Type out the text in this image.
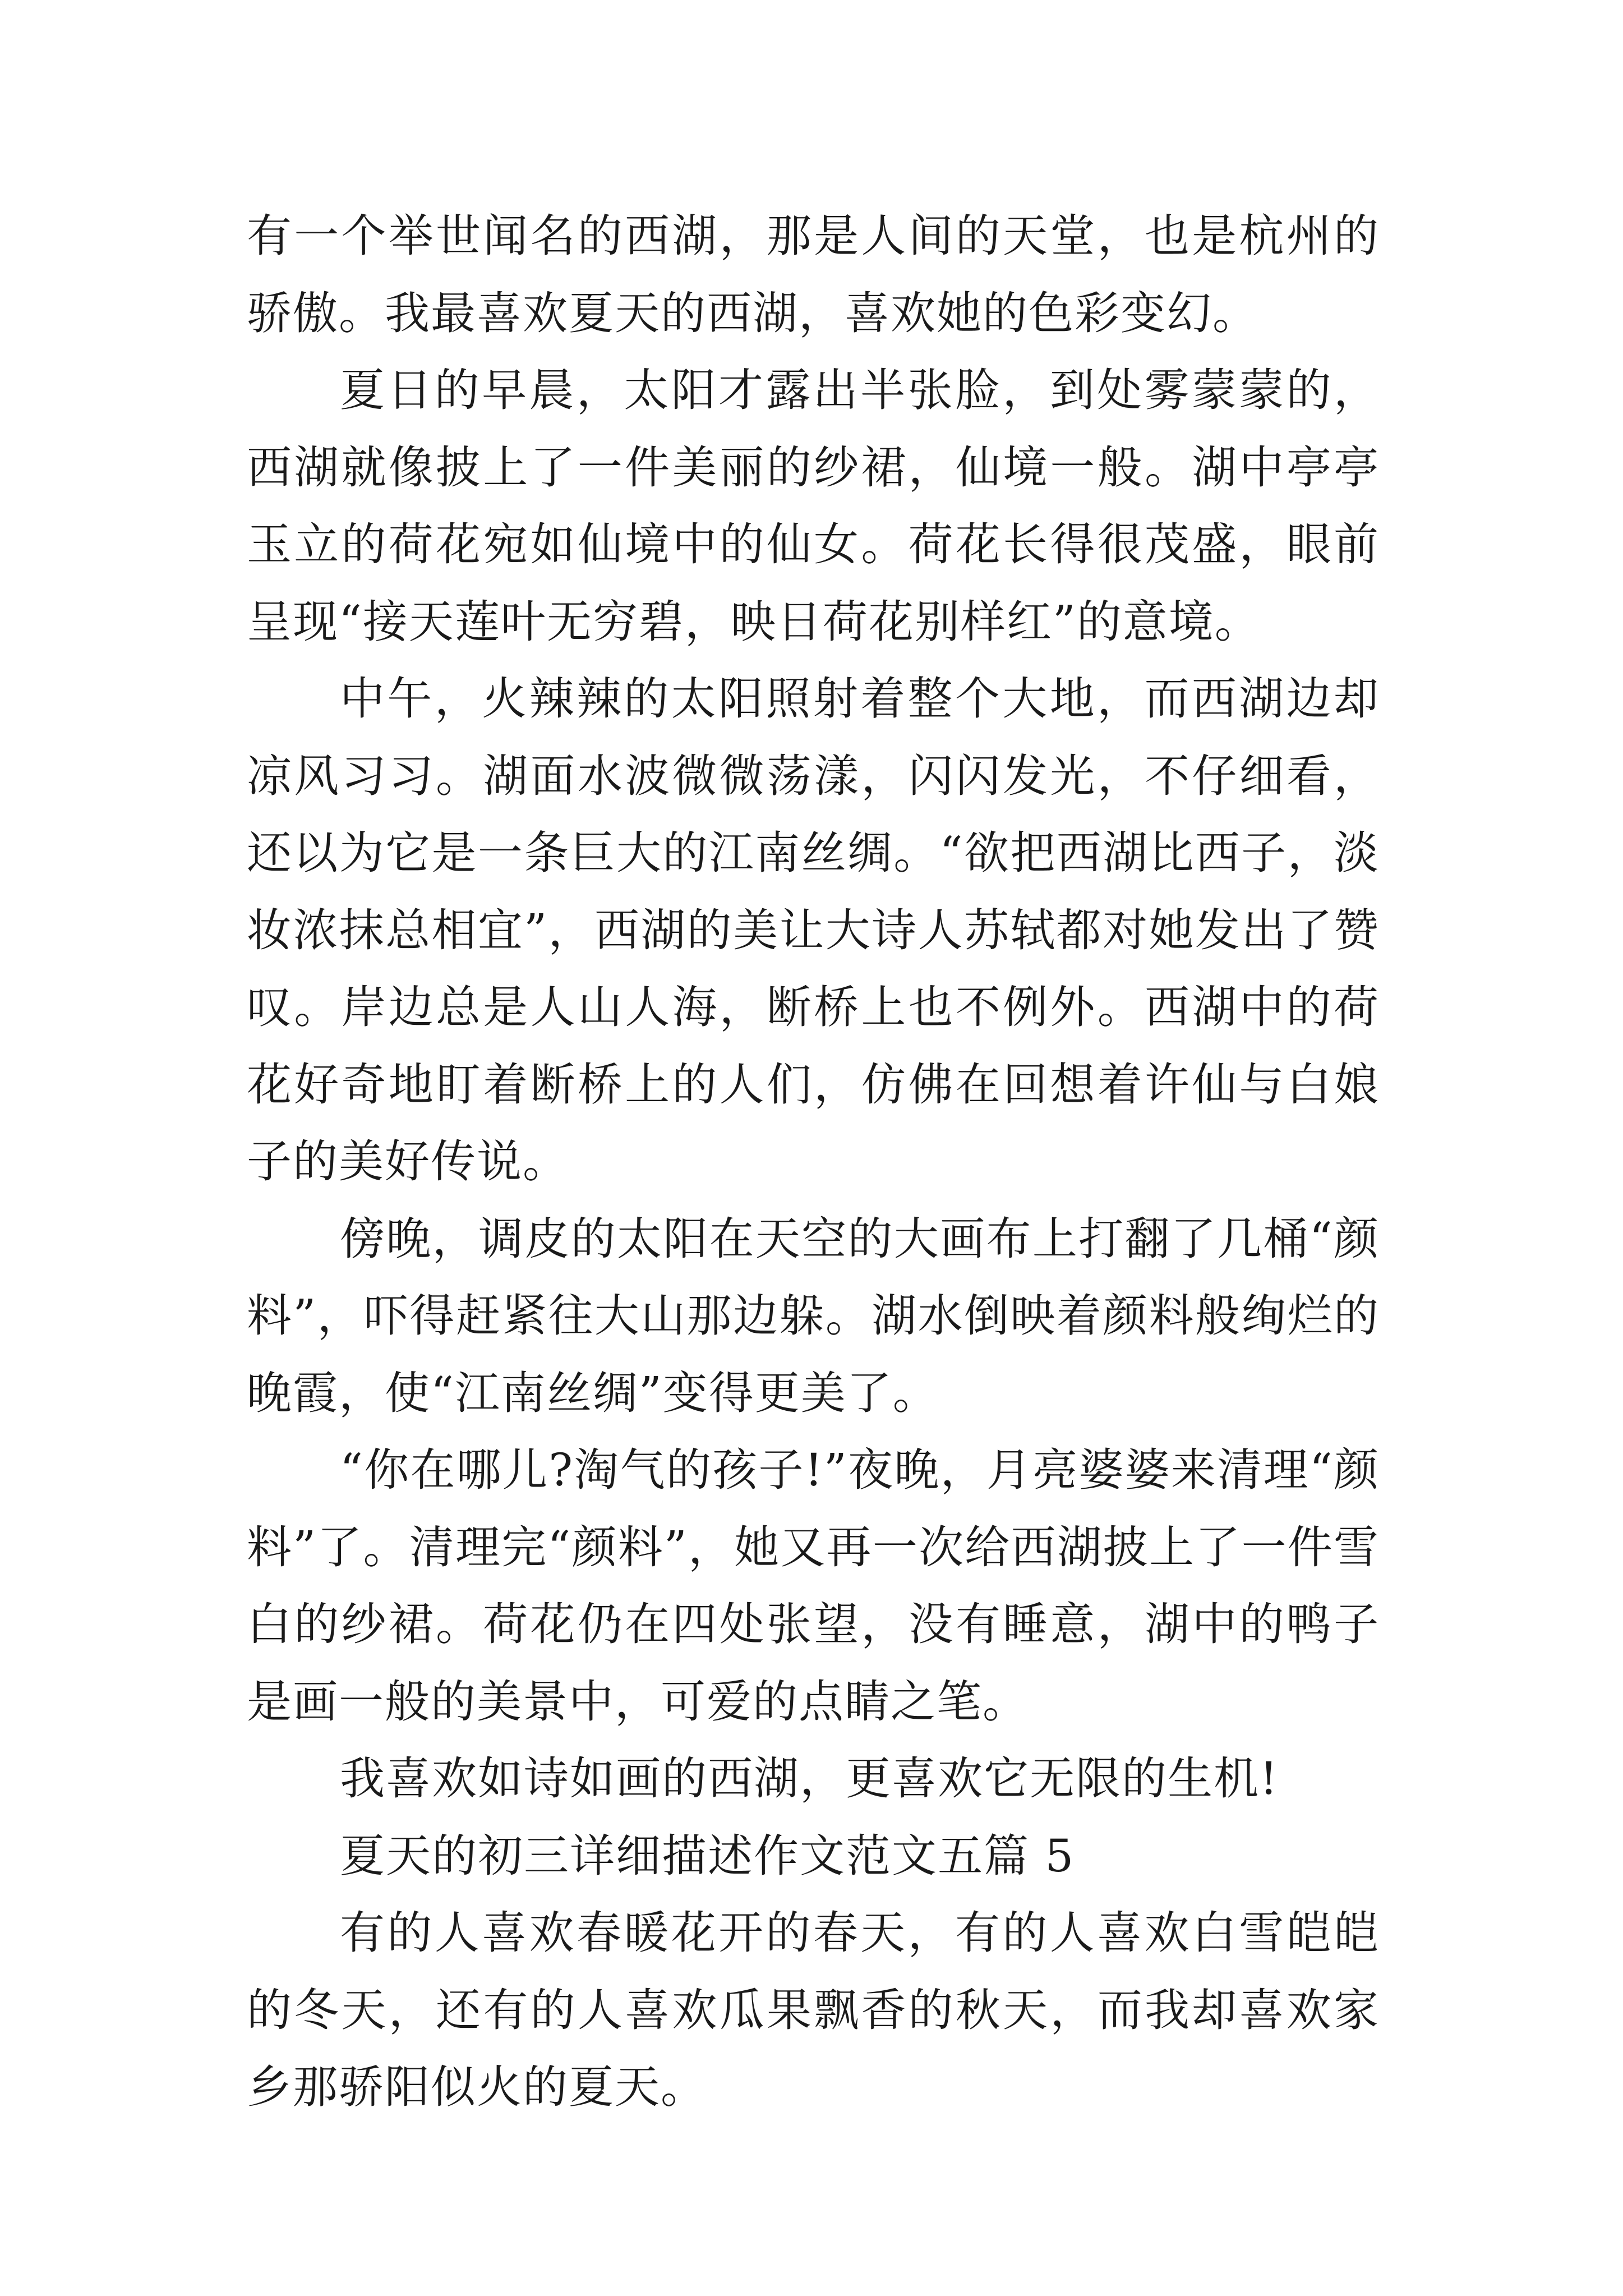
有一个举世闻名的西湖，那是人间的天堂，也是杭州的骄傲。我最喜欢夏天的西湖，喜欢她的色彩变幻。

夏日的早晨，太阳才露出半张脸，到处雾蒙蒙的，西湖就像披上了一件美丽的纱裙，仙境一般。湖中亭亭玉立的荷花宛如仙境中的仙女。荷花长得很茂盛，眼前呈现“接天莲叶无穷碧，映日荷花别样红”的意境。

中午，火辣辣的太阳照射着整个大地，而西湖边却凉风习习。湖面水波微微荡漾，闪闪发光，不仔细看，还以为它是一条巨大的江南丝绸。“欲把西湖比西子，淡妆浓抹总相宜”，西湖的美让大诗人苏轼都对她发出了赞叹。岸边总是人山人海，断桥上也不例外。西湖中的荷花好奇地盯着断桥上的人们，仿佛在回想着许仙与白娘子的美好传说。

傍晚，调皮的太阳在天空的大画布上打翻了几桶“颜料”，吓得赶紧往大山那边躲。湖水倒映着颜料般绚烂的晚霞，使“江南丝绸”变得更美了。

“你在哪儿?淘气的孩子!”夜晚，月亮婆婆来清理“颜料”了。清理完“颜料”，她又再一次给西湖披上了一件雪白的纱裙。荷花仍在四处张望，没有睡意，湖中的鸭子是画一般的美景中，可爱的点睛之笔。

我喜欢如诗如画的西湖，更喜欢它无限的生机!

夏天的初三详细描述作文范文五篇 5

有的人喜欢春暖花开的春天，有的人喜欢白雪皑皑的冬天，还有的人喜欢瓜果飘香的秋天，而我却喜欢家乡那骄阳似火的夏天。
